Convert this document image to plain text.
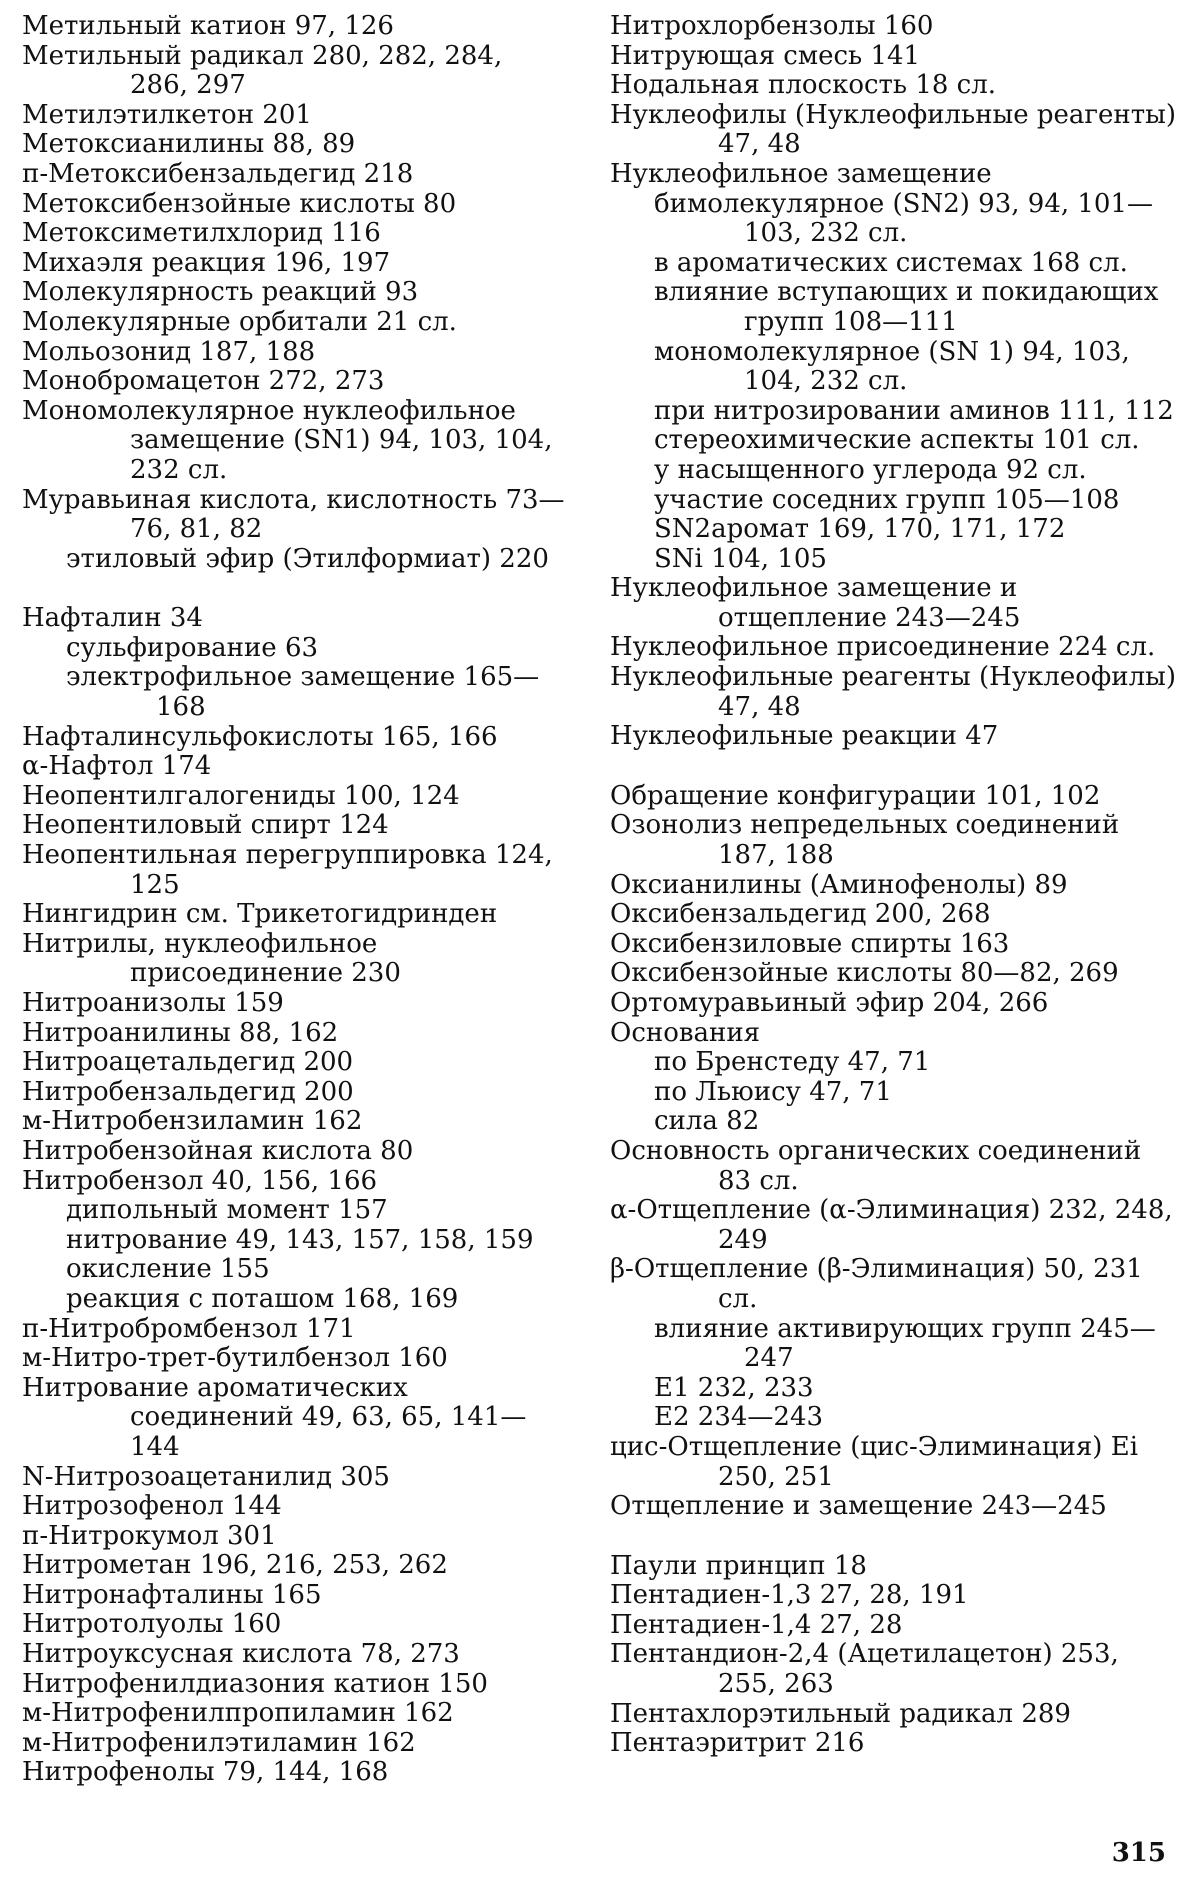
Метильный катион 97, 126
Метильный радикал 280, 282, 284, 286, 297
Метилэтилкетон 201
Метоксианилины 88, 89
п-Метоксибензальдегид 218
Метоксибензойные кислоты 80
Метоксиметилхлорид 116
Михаэля реакция 196, 197
Молекулярность реакций 93
Молекулярные орбитали 21 сл.
Мольозонид 187, 188
Монобромацетон 272, 273
Мономолекулярное нуклеофильное замещение (SN1) 94, 103, 104, 232 сл.
Муравьиная кислота, кислотность 73—76, 81, 82
этиловый эфир (Этилформиат) 220
Нафталин 34
сульфирование 63
электрофильное замещение 165—168
Нафталинсульфокислоты 165, 166
α-Нафтол 174
Неопентилгалогениды 100, 124
Неопентиловый спирт 124
Неопентильная перегруппировка 124, 125
Нингидрин см. Трикетогидринден
Нитрилы, нуклеофильное присоединение 230
Нитроанизолы 159
Нитроанилины 88, 162
Нитроацетальдегид 200
Нитробензальдегид 200
м-Нитробензиламин 162
Нитробензойная кислота 80
Нитробензол 40, 156, 166
дипольный момент 157
нитрование 49, 143, 157, 158, 159
окисление 155
реакция с поташом 168, 169
п-Нитробромбензол 171
м-Нитро-трет-бутилбензол 160
Нитрование ароматических соединений 49, 63, 65, 141—144
N-Нитрозоацетанилид 305
Нитрозофенол 144
п-Нитрокумол 301
Нитрометан 196, 216, 253, 262
Нитронафталины 165
Нитротолуолы 160
Нитроуксусная кислота 78, 273
Нитрофенилдиазония катион 150
м-Нитрофенилпропиламин 162
м-Нитрофенилэтиламин 162
Нитрофенолы 79, 144, 168
Нитрохлорбензолы 160
Нитрующая смесь 141
Нодальная плоскость 18 сл.
Нуклеофилы (Нуклеофильные реагенты) 47, 48
Нуклеофильное замещение
бимолекулярное (SN2) 93, 94, 101—103, 232 сл.
в ароматических системах 168 сл.
влияние вступающих и покидающих групп 108—111
мономолекулярное (SN 1) 94, 103, 104, 232 сл.
при нитрозировании аминов 111, 112
стереохимические аспекты 101 сл.
у насыщенного углерода 92 сл.
участие соседних групп 105—108
SN2аромат 169, 170, 171, 172
SNi 104, 105
Нуклеофильное замещение и отщепление 243—245
Нуклеофильное присоединение 224 сл.
Нуклеофильные реагенты (Нуклеофилы) 47, 48
Нуклеофильные реакции 47
Обращение конфигурации 101, 102
Озонолиз непредельных соединений 187, 188
Оксианилины (Аминофенолы) 89
Оксибензальдегид 200, 268
Оксибензиловые спирты 163
Оксибензойные кислоты 80—82, 269
Ортомуравьиный эфир 204, 266
Основания
по Бренстеду 47, 71
по Льюису 47, 71
сила 82
Основность органических соединений 83 сл.
α-Отщепление (α-Элиминация) 232, 248, 249
β-Отщепление (β-Элиминация) 50, 231 сл.
влияние активирующих групп 245—247
E1 232, 233
E2 234—243
цис-Отщепление (цис-Элиминация) Ei 250, 251
Отщепление и замещение 243—245
Паули принцип 18
Пентадиен-1,3 27, 28, 191
Пентадиен-1,4 27, 28
Пентандион-2,4 (Ацетилацетон) 253, 255, 263
Пентахлорэтильный радикал 289
Пентаэритрит 216
315
